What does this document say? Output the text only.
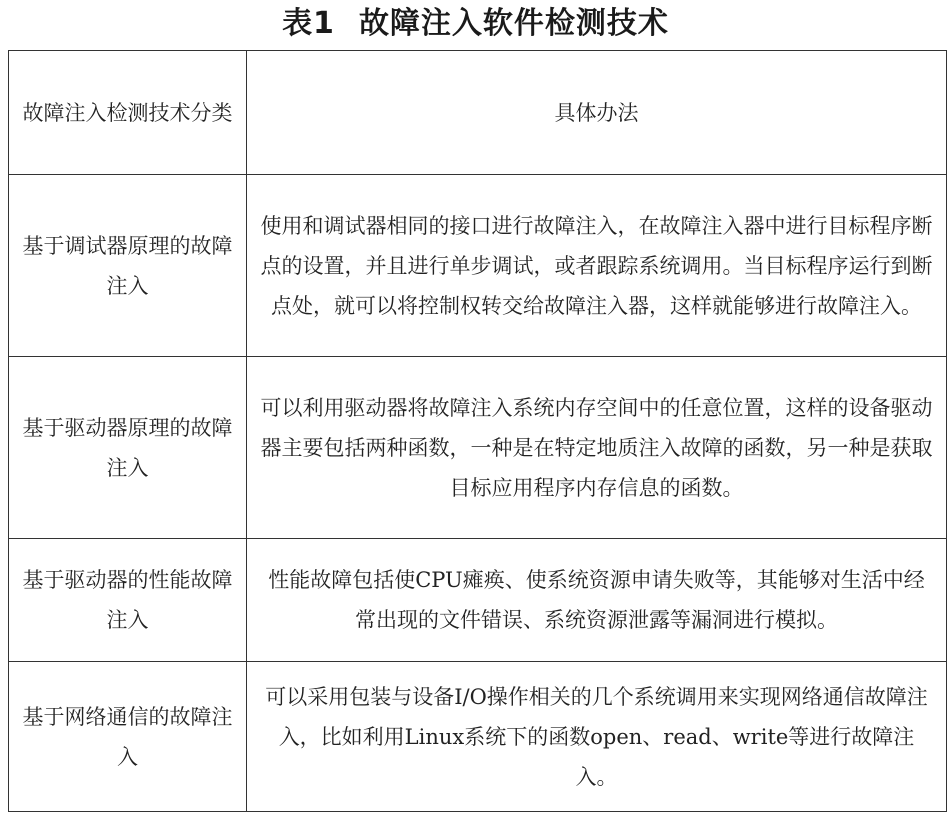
表1 故障注入软件检测技术
故障注入检测技术分类	具体办法
基于调试器原理的故障注入	使用和调试器相同的接口进行故障注入，在故障注入器中进行目标程序断点的设置，并且进行单步调试，或者跟踪系统调用。当目标程序运行到断点处，就可以将控制权转交给故障注入器，这样就能够进行故障注入。
基于驱动器原理的故障注入	可以利用驱动器将故障注入系统内存空间中的任意位置，这样的设备驱动器主要包括两种函数，一种是在特定地质注入故障的函数，另一种是获取目标应用程序内存信息的函数。
基于驱动器的性能故障注入	性能故障包括使CPU瘫痪、使系统资源申请失败等，其能够对生活中经常出现的文件错误、系统资源泄露等漏洞进行模拟。
基于网络通信的故障注入	可以采用包装与设备I/O操作相关的几个系统调用来实现网络通信故障注入，比如利用Linux系统下的函数open、read、write等进行故障注入。
